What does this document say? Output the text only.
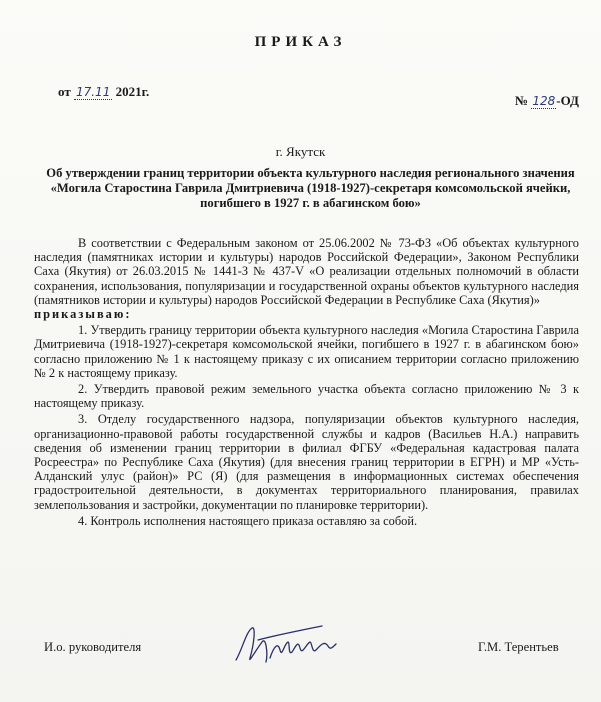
ПРИКАЗ
от 17.11 2021г.
№ 128-ОД
г. Якутск
Об утверждении границ территории объекта культурного наследия регионального значения «Могила Старостина Гаврила Дмитриевича (1918-1927)-секретаря комсомольской ячейки, погибшего в 1927 г. в абагинском бою»

В соответствии с Федеральным законом от 25.06.2002 № 73-ФЗ «Об объектах культурного наследия (памятниках истории и культуры) народов Российской Федерации», Законом Республики Саха (Якутия) от 26.03.2015 № 1441-З № 437-V «О реализации отдельных полномочий в области сохранения, использования, популяризации и государственной охраны объектов культурного наследия (памятников истории и культуры) народов Российской Федерации в Республике Саха (Якутия)»

приказываю:

1. Утвердить границу территории объекта культурного наследия «Могила Старостина Гаврила Дмитриевича (1918-1927)-секретаря комсомольской ячейки, погибшего в 1927 г. в абагинском бою» согласно приложению № 1 к настоящему приказу с их описанием территории согласно приложению № 2 к настоящему приказу.

2. Утвердить правовой режим земельного участка объекта согласно приложению № 3 к настоящему приказу.

3. Отделу государственного надзора, популяризации объектов культурного наследия, организационно-правовой работы государственной службы и кадров (Васильев Н.А.) направить сведения об изменении границ территории в филиал ФГБУ «Федеральная кадастровая палата Росреестра» по Республике Саха (Якутия) (для внесения границ территории в ЕГРН) и МР «Усть-Алданский улус (район)» РС (Я) (для размещения в информационных системах обеспечения градостроительной деятельности, в документах территориального планирования, правилах землепользования и застройки, документации по планировке территории).

4. Контроль исполнения настоящего приказа оставляю за собой.

И.о. руководителя	Г.М. Терентьев
